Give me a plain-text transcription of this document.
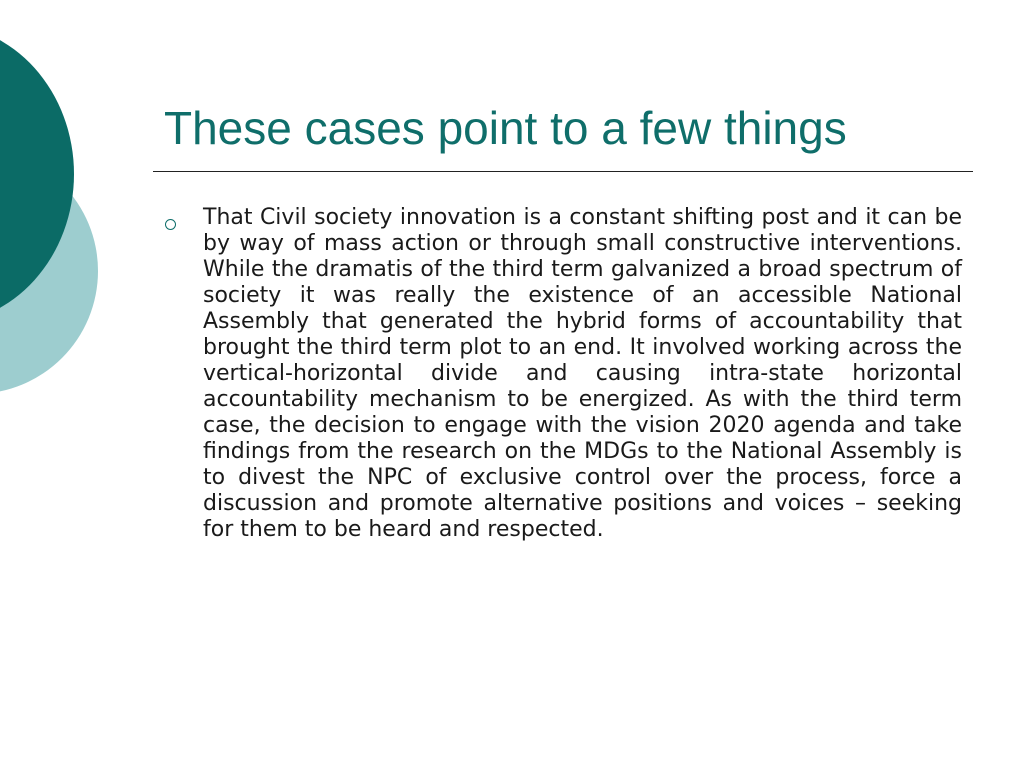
These cases point to a few things

That Civil society innovation is a constant shifting post and it can be by way of mass action or through small constructive interventions. While the dramatis of the third term galvanized a broad spectrum of society it was really the existence of an accessible National Assembly that generated the hybrid forms of accountability that brought the third term plot to an end. It involved working across the vertical-horizontal divide and causing intra-state horizontal accountability mechanism to be energized. As with the third term case, the decision to engage with the vision 2020 agenda and take findings from the research on the MDGs to the National Assembly is to divest the NPC of exclusive control over the process, force a discussion and promote alternative positions and voices – seeking for them to be heard and respected.
